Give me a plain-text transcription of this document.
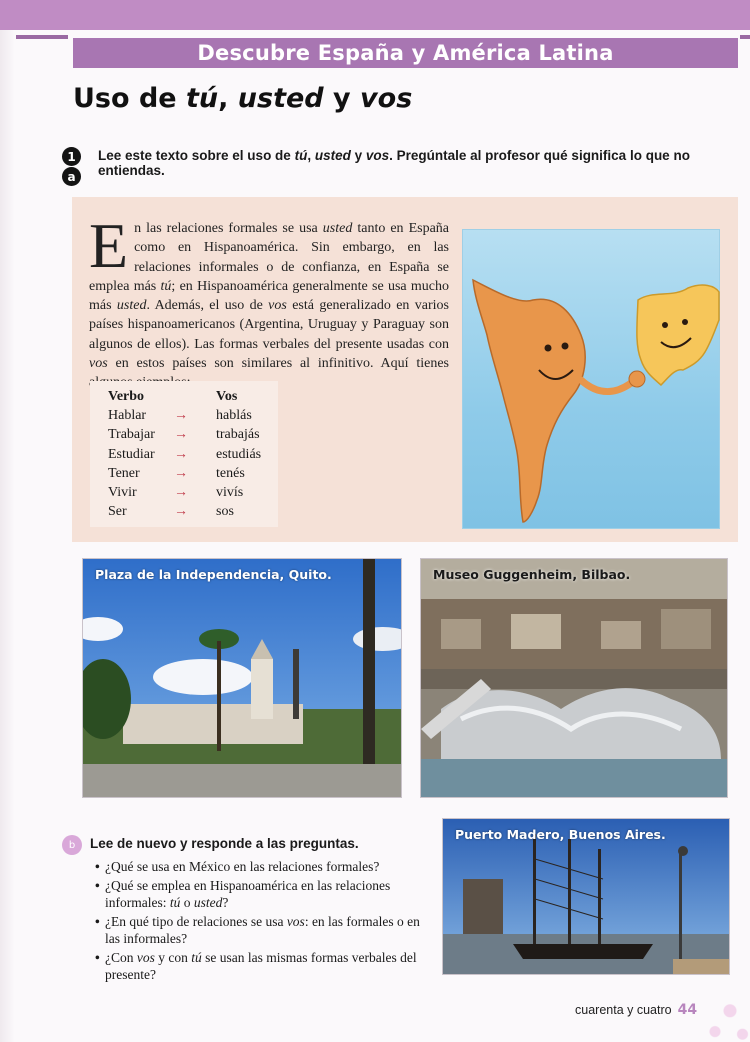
Descubre España y América Latina
Uso de tú, usted y vos
1
a

Lee este texto sobre el uso de tú, usted y vos. Pregúntale al profesor qué significa lo que no entiendas.

En las relaciones formales se usa usted tanto en España como en Hispanoamérica. Sin embargo, en las relaciones informales o de confianza, en España se emplea más tú; en Hispanoamérica generalmente se usa mucho más usted. Además, el uso de vos está generalizado en varios países hispanoamericanos (Argentina, Uruguay y Paraguay son algunos de ellos). Las formas verbales del presente usadas con vos en estos países son similares al infinitivo. Aquí tienes

Verbo		Vos
Hablar	→	hablás
Trabajar	→	trabajás
Estudiar	→	estudiás
Tener	→	tenés
Vivir	→	vivís
Ser	→	sos
Plaza de la Independencia, Quito.	Museo Guggenheim, Bilbao.
b	Lee de nuevo y responde a las preguntas.
• ¿Qué se usa en México en las relaciones formales?
• ¿Qué se emplea en Hispanoamérica en las relaciones informales: tú o usted?
• ¿En qué tipo de relaciones se usa vos: en las formales o en las informales?
• ¿Con vos y con tú se usan las mismas formas verbales del presente?
Puerto Madero, Buenos Aires.
cuarenta y cuatro 44
